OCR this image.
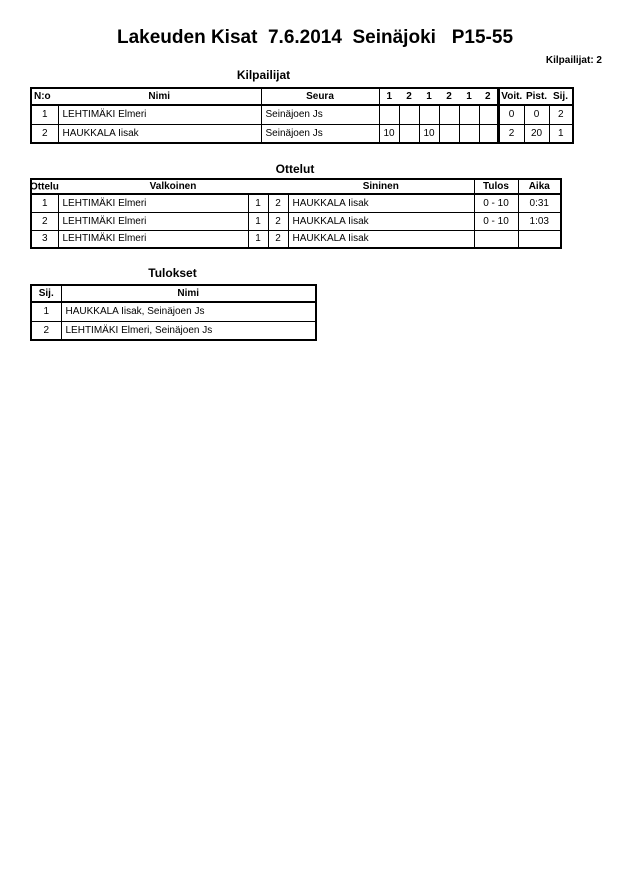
Lakeuden Kisat  7.6.2014  Seinäjoki   P15-55
Kilpailijat: 2
Kilpailijat
N:o	Nimi	Seura	1	2	1	2	1	2	Voit.	Pist.	Sij.
1	LEHTIMÄKI Elmeri	Seinäjoen Js							0	0	2
2	HAUKKALA Iisak	Seinäjoen Js	10		10				2	20	1
Ottelut
Ottelu	Valkoinen			Sininen	Tulos	Aika
1	LEHTIMÄKI Elmeri	1	2	HAUKKALA Iisak	0 - 10	0:31
2	LEHTIMÄKI Elmeri	1	2	HAUKKALA Iisak	0 - 10	1:03
3	LEHTIMÄKI Elmeri	1	2	HAUKKALA Iisak		
Tulokset
Sij.	Nimi
1	HAUKKALA Iisak, Seinäjoen Js
2	LEHTIMÄKI Elmeri, Seinäjoen Js
